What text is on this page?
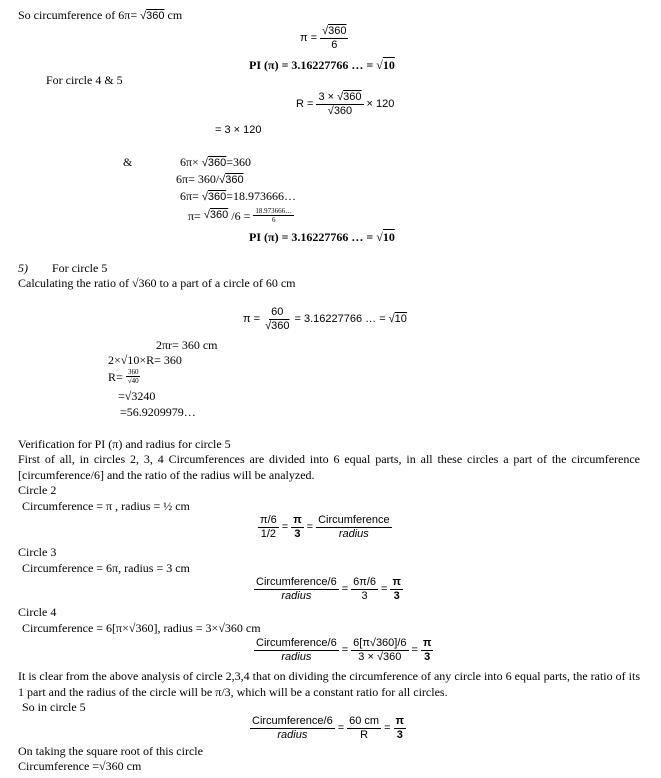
So circumference of 6π= √360 cm
$\pi = \frac{√360}{6}$
PI (π) = 3.16227766 … = √10
For circle 4 & 5
$R = \frac{3 \times √360}{√360} \times 120$
= 3 × 120
&	6π× √360=360
6π= 360/√360
6π= √360=18.973666…
π= √360 $/6 = \frac{18.973666\dots}{6}$
PI (π) = 3.16227766 … = √10
5) For circle 5
Calculating the ratio of √360 to a part of a circle of 60 cm
$\pi = \frac{60}{√360} = 3.16227766$ … = √10
2πr= 360 cm
2×√10×R= 360
$R= \frac{360}{√40}$
=√3240
=56.9209979…
Verification for PI (π) and radius for circle 5
First of all, in circles 2, 3, 4 Circumferences are divided into 6 equal parts, in all these circles a part of the circumference [circumference/6] and the ratio of the radius will be analyzed.
Circle 2
Circumference = π , radius = ½ cm
$\frac{\pi/6}{1/2} = \frac{\pi}{3} = \frac{\text{Circumference}}{\text{radius}}$
Circle 3
Circumference = 6π, radius = 3 cm
$\frac{\text{Circumference/6}}{\text{radius}} = \frac{6\pi/6}{3} = \frac{\pi}{3}$
Circle 4
Circumference = 6[π×√360], radius = 3×√360 cm
$\frac{\text{Circumference/6}}{\text{radius}} = \frac{6[\pi√360]/6}{3 \times √360} = \frac{\pi}{3}$
It is clear from the above analysis of circle 2,3,4 that on dividing the circumference of any circle into 6 equal parts, the ratio of its 1 part and the radius of the circle will be π/3, which will be a constant ratio for all circles.
So in circle 5
$\frac{\text{Circumference/6}}{\text{radius}} = \frac{60 cm}{R} = \frac{\pi}{3}$
On taking the square root of this circle
Circumference =√360 cm
